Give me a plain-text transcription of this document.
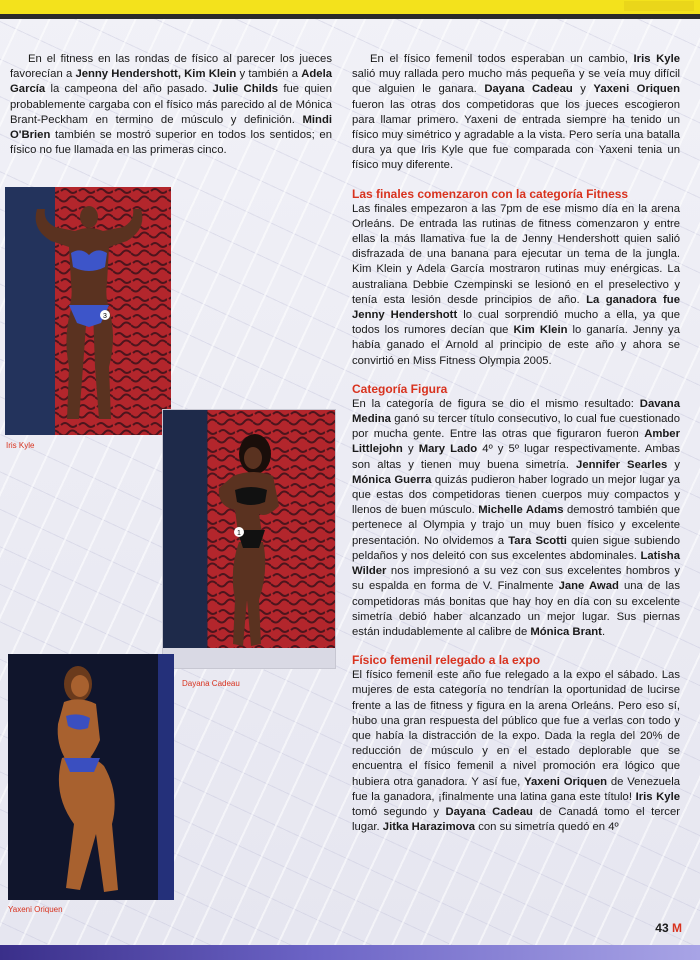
En el fitness en las rondas de físico al parecer los jueces favorecían a Jenny Hendershott, Kim Klein y también a Adela García la campeona del año pasado. Julie Childs fue quien probablemente cargaba con el físico más parecido al de Mónica Brant-Peckham en termino de músculo y definición. Mindi O'Brien también se mostró superior en todos los sentidos; en físico no fue llamada en las primeras cinco.

3
Iris Kyle
1
Dayana Cadeau
Yaxeni Oriquen

En el físico femenil todos esperaban un cambio, Iris Kyle salió muy rallada pero mucho más pequeña y se veía muy difícil que alguien le ganara. Dayana Cadeau y Yaxeni Oriquen fueron las otras dos competidoras que los jueces escogieron para llamar primero. Yaxeni de entrada siempre ha tenido un físico muy simétrico y agradable a la vista. Pero sería una batalla dura ya que Iris Kyle que fue comparada con Yaxeni tenia un físico muy diferente.

Las finales comenzaron con la categoría Fitness

Las finales empezaron a las 7pm de ese mismo día en la arena Orleáns. De entrada las rutinas de fitness comenzaron y entre ellas la más llamativa fue la de Jenny Hendershott quien salió disfrazada de una banana para ejecutar un tema de la jungla. Kim Klein y Adela García mostraron rutinas muy enérgicas. La australiana Debbie Czempinski se lesionó en el preselectivo y tenía esta lesión desde principios de año. La ganadora fue Jenny Hendershott lo cual sorprendió mucho a ella, ya que todos los rumores decían que Kim Klein lo ganaría. Jenny ya había ganado el Arnold al principio de este año y ahora se convirtió en Miss Fitness Olympia 2005.

Categoría Figura

En la categoría de figura se dio el mismo resultado: Davana Medina ganó su tercer título consecutivo, lo cual fue cuestionado por mucha gente. Entre las otras que figuraron fueron Amber Littlejohn y Mary Lado 4º y 5º lugar respectivamente. Ambas son altas y tienen muy buena simetría. Jennifer Searles y Mónica Guerra quizás pudieron haber logrado un mejor lugar ya que estas dos competidoras tienen cuerpos muy compactos y llenos de buen músculo. Michelle Adams demostró también que pertenece al Olympia y trajo un muy buen físico y excelente presentación. No olvidemos a Tara Scotti quien sigue subiendo peldaños y nos deleitó con sus excelentes abdominales. Latisha Wilder nos impresionó a su vez con sus excelentes hombros y su espalda en forma de V. Finalmente Jane Awad una de las competidoras más bonitas que hay hoy en día con su excelente simetría debió haber alcanzado un mejor lugar. Sus piernas están indudablemente al calibre de Mónica Brant.

Físico femenil relegado a la expo

El físico femenil este año fue relegado a la expo el sábado. Las mujeres de esta categoría no tendrían la oportunidad de lucirse frente a las de fitness y figura en la arena Orleáns. Pero eso sí, hubo una gran respuesta del público que fue a verlas con todo y que había la distracción de la expo. Dada la regla del 20% de reducción de músculo y en el estado deplorable que se encuentra el físico femenil a nivel promoción era lógico que hubiera otra ganadora. Y así fue, Yaxeni Oriquen de Venezuela fue la ganadora, ¡finalmente una latina gana este título! Iris Kyle tomó segundo y Dayana Cadeau de Canadá tomo el tercer lugar. Jitka Harazimova con su simetría quedó en 4º

43 M
